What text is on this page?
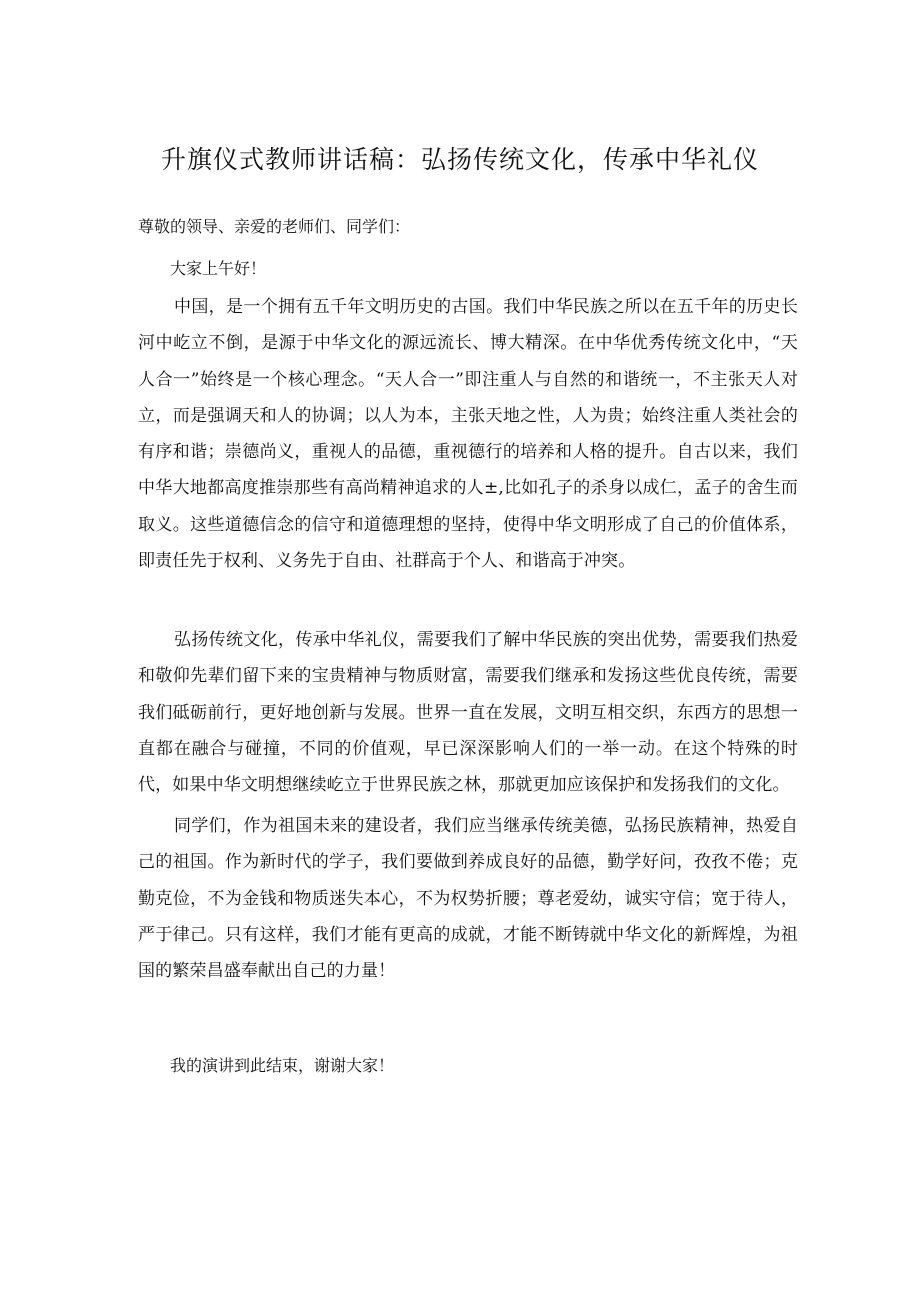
升旗仪式教师讲话稿：弘扬传统文化，传承中华礼仪

尊敬的领导、亲爱的老师们、同学们：

大家上午好！

中国，是一个拥有五千年文明历史的古国。我们中华民族之所以在五千年的历史长河中屹立不倒，是源于中华文化的源远流长、博大精深。在中华优秀传统文化中，“天人合一”始终是一个核心理念。“天人合一”即注重人与自然的和谐统一，不主张天人对立，而是强调天和人的协调；以人为本，主张天地之性，人为贵；始终注重人类社会的有序和谐；崇德尚义，重视人的品德，重视德行的培养和人格的提升。自古以来，我们中华大地都高度推崇那些有高尚精神追求的人±,比如孔子的杀身以成仁，孟子的舍生而取义。这些道德信念的信守和道德理想的坚持，使得中华文明形成了自己的价值体系，即责任先于权利、义务先于自由、社群高于个人、和谐高于冲突。

弘扬传统文化，传承中华礼仪，需要我们了解中华民族的突出优势，需要我们热爱和敬仰先辈们留下来的宝贵精神与物质财富，需要我们继承和发扬这些优良传统，需要我们砥砺前行，更好地创新与发展。世界一直在发展，文明互相交织，东西方的思想一直都在融合与碰撞，不同的价值观，早已深深影响人们的一举一动。在这个特殊的时代，如果中华文明想继续屹立于世界民族之林，那就更加应该保护和发扬我们的文化。

同学们，作为祖国未来的建设者，我们应当继承传统美德，弘扬民族精神，热爱自己的祖国。作为新时代的学子，我们要做到养成良好的品德，勤学好问，孜孜不倦；克勤克俭，不为金钱和物质迷失本心，不为权势折腰；尊老爱幼，诚实守信；宽于待人，严于律己。只有这样，我们才能有更高的成就，才能不断铸就中华文化的新辉煌，为祖国的繁荣昌盛奉献出自己的力量！

我的演讲到此结束，谢谢大家！
